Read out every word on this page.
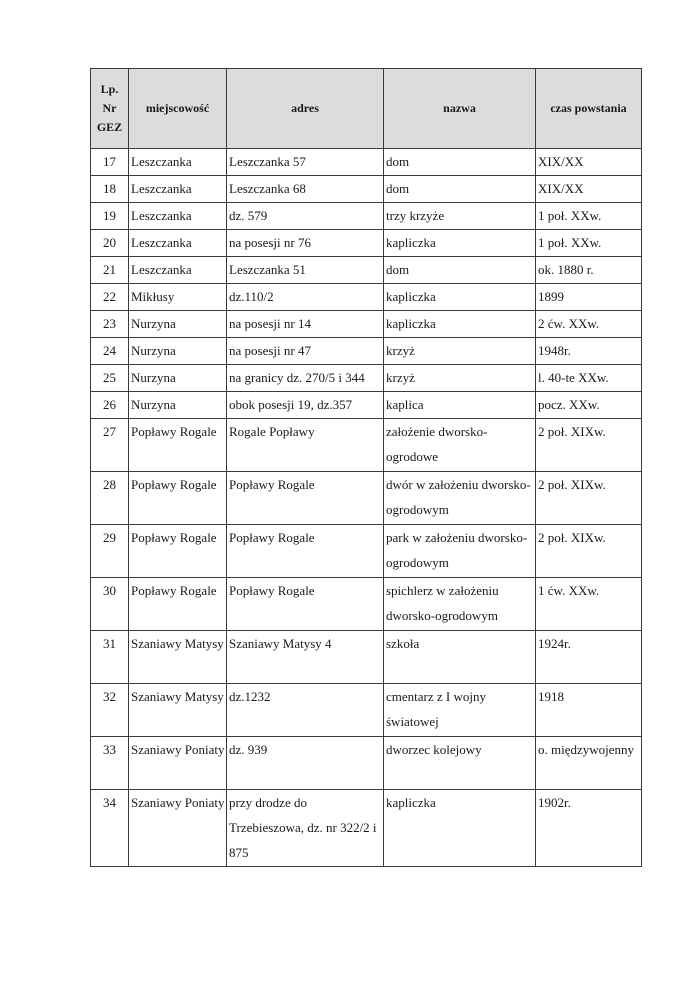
Lp.
Nr
GEZ	miejscowość	adres	nazwa	czas powstania
17	Leszczanka	Leszczanka 57	dom	XIX/XX
18	Leszczanka	Leszczanka 68	dom	XIX/XX
19	Leszczanka	dz. 579	trzy krzyże	1 poł. XXw.
20	Leszczanka	na posesji nr 76	kapliczka	1 poł. XXw.
21	Leszczanka	Leszczanka 51	dom	ok. 1880 r.
22	Mikłusy	dz.110/2	kapliczka	1899
23	Nurzyna	na posesji nr 14	kapliczka	2 ćw. XXw.
24	Nurzyna	na posesji nr 47	krzyż	1948r.
25	Nurzyna	na granicy dz. 270/5 i 344	krzyż	l. 40-te XXw.
26	Nurzyna	obok posesji 19, dz.357	kaplica	pocz. XXw.
27	Popławy Rogale	Rogale Popławy	założenie dworsko-ogrodowe	2 poł. XIXw.
28	Popławy Rogale	Popławy Rogale	dwór w założeniu dworsko-ogrodowym	2 poł. XIXw.
29	Popławy Rogale	Popławy Rogale	park w założeniu dworsko-ogrodowym	2 poł. XIXw.
30	Popławy Rogale	Popławy Rogale	spichlerz w założeniu dworsko-ogrodowym	1 ćw. XXw.
31	Szaniawy Matysy	Szaniawy Matysy 4	szkoła	1924r.
32	Szaniawy Matysy	dz.1232	cmentarz z I wojny światowej	1918
33	Szaniawy Poniaty	dz. 939	dworzec kolejowy	o. międzywojenny
34	Szaniawy Poniaty	przy drodze do Trzebieszowa, dz. nr 322/2 i 875	kapliczka	1902r.
